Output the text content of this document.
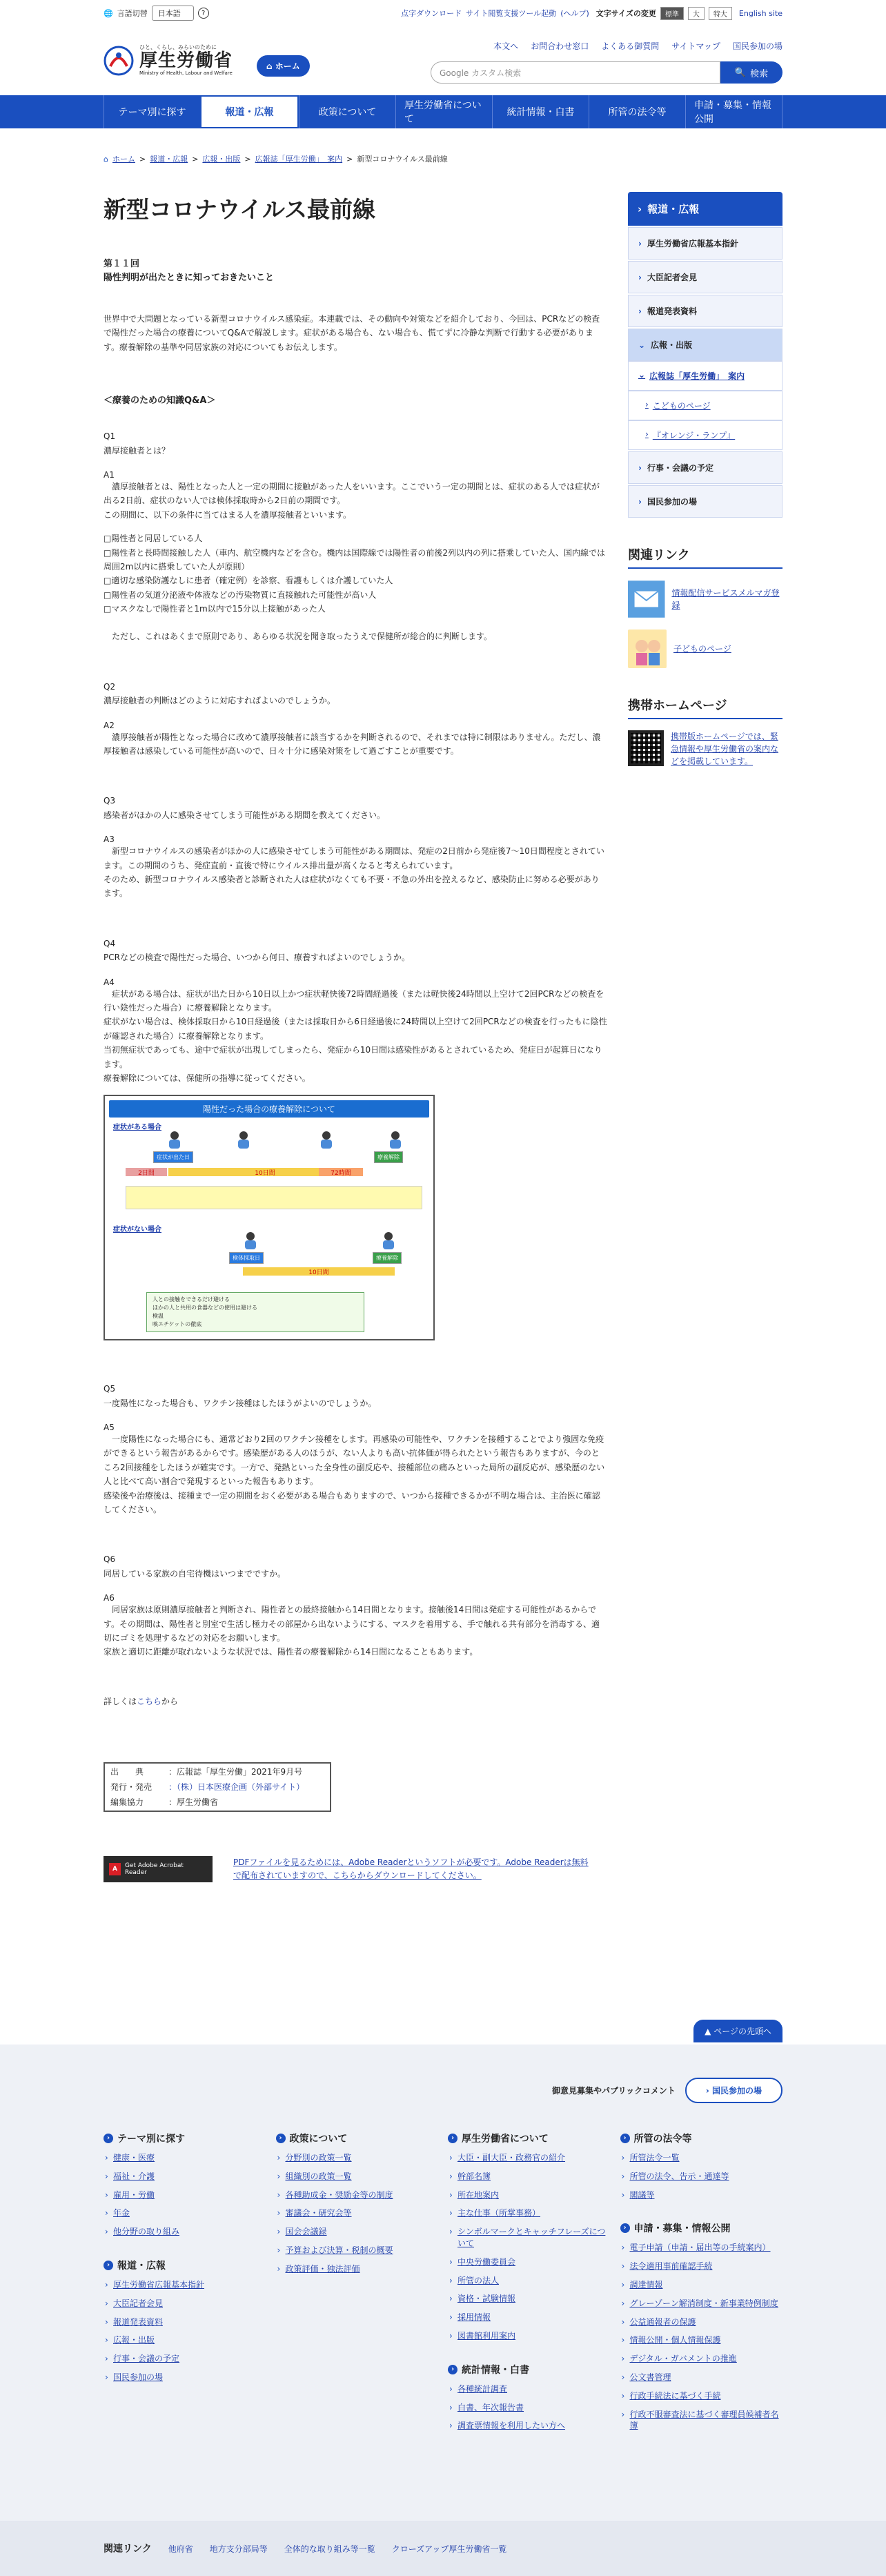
🌐 言語切替	日本語	?	点字ダウンロード サイト閲覧支援ツール起動 (ヘルプ) 文字サイズの変更	標準	大	特大	English site
ひと、くらし、みらいのために
厚生労働省
Ministry of Health, Labour and Welfare
⌂ ホーム
本文へ お問合わせ窓口 よくある御質問 サイトマップ 国民参加の場
Google カスタム検索	🔍 検索
テーマ別に探す	報道・広報	政策について
厚生労働省について
統計情報・白書	所管の法令等
申請・募集・情報公開
⌂ ホーム > 報道・広報 > 広報・出版 > 広報誌「厚生労働」　案内 > 新型コロナウイルス最前線
新型コロナウイルス最前線
第１１回
陽性判明が出たときに知っておきたいこと

世界中で大問題となっている新型コロナウイルス感染症。本連載では、その動向や対策などを紹介しており、今回は、PCRなどの検査で陽性だった場合の療養についてQ&Aで解説します。症状がある場合も、ない場合も、慌てずに冷静な判断で行動する必要があります。療養解除の基準や同居家族の対応についてもお伝えします。

＜療養のための知識Q&A＞
Q1
濃厚接触者とは？
A1
濃厚接触者とは、陽性となった人と一定の期間に接触があった人をいいます。ここでいう一定の期間とは、症状のある人では症状が出る2日前、症状のない人では検体採取時から2日前の期間です。
この期間に、以下の条件に当てはまる人を濃厚接触者といいます。
□陽性者と同居している人
□陽性者と長時間接触した人（車内、航空機内などを含む。機内は国際線では陽性者の前後2列以内の列に搭乗していた人、国内線では周囲2m以内に搭乗していた人が原則）
□適切な感染防護なしに患者（確定例）を診察、看護もしくは介護していた人
□陽性者の気道分泌液や体液などの汚染物質に直接触れた可能性が高い人
□マスクなしで陽性者と1m以内で15分以上接触があった人
ただし、これはあくまで原則であり、あらゆる状況を聞き取ったうえで保健所が総合的に判断します。
Q2
濃厚接触者の判断はどのように対応すればよいのでしょうか。
A2
濃厚接触者が陽性となった場合に改めて濃厚接触者に該当するかを判断されるので、それまでは特に制限はありません。ただし、濃厚接触者は感染している可能性が高いので、日々十分に感染対策をして過ごすことが重要です。
Q3
感染者がほかの人に感染させてしまう可能性がある期間を教えてください。
A3
新型コロナウイルスの感染者がほかの人に感染させてしまう可能性がある期間は、発症の2日前から発症後7～10日間程度とされています。この期間のうち、発症直前・直後で特にウイルス排出量が高くなると考えられています。
そのため、新型コロナウイルス感染者と診断された人は症状がなくても不要・不急の外出を控えるなど、感染防止に努める必要があります。
Q4
PCRなどの検査で陽性だった場合、いつから何日、療養すればよいのでしょうか。
A4
症状がある場合は、症状が出た日から10日以上かつ症状軽快後72時間経過後（または軽快後24時間以上空けて2回PCRなどの検査を行い陰性だった場合）に療養解除となります。
症状がない場合は、検体採取日から10日経過後（または採取日から6日経過後に24時間以上空けて2回PCRなどの検査を行ったもに陰性が確認された場合）に療養解除となります。
当初無症状であっても、途中で症状が出現してしまったら、発症から10日間は感染性があるとされているため、発症日が起算日になります。
療養解除については、保健所の指導に従ってください。
陽性だった場合の療養解除について
症状がある場合
症状が出た日	療養解除
2日間	10日間	72時間
症状がない場合
検体採取日	療養解除
10日間
人との接触をできるだけ避ける
ほかの人と共用の食器などの使用は避ける
検温
咳エチケットの徹底
Q5
一度陽性になった場合も、ワクチン接種はしたほうがよいのでしょうか。
A5
一度陽性になった場合にも、通常どおり2回のワクチン接種をします。再感染の可能性や、ワクチンを接種することでより強固な免疫ができるという報告があるからです。感染歴がある人のほうが、ない人よりも高い抗体価が得られたという報告もありますが、今のところ2回接種をしたほうが確実です。一方で、発熱といった全身性の副反応や、接種部位の痛みといった局所の副反応が、感染歴のない人と比べて高い割合で発現するといった報告もあります。
感染後や治療後は、接種まで一定の期間をおく必要がある場合もありますので、いつから接種できるかが不明な場合は、主治医に確認してください。
Q6
同居している家族の自宅待機はいつまでですか。
A6
同居家族は原則濃厚接触者と判断され、陽性者との最終接触から14日間となります。接触後14日間は発症する可能性があるからです。その期間は、陽性者と別室で生活し極力その部屋から出ないようにする、マスクを着用する、手で触れる共有部分を消毒する、適切にゴミを処理するなどの対応をお願いします。
家族と適切に距離が取れないような状況では、陽性者の療養解除から14日間になることもあります。
詳しくはこちらから
出　　典	：広報誌「厚生労働」2021年9月号
発行・発売	：（株）日本医療企画（外部サイト）
編集協力	：厚生労働省
A	Get Adobe Acrobat Reader
PDFファイルを見るためには、Adobe Readerというソフトが必要です。Adobe Readerは無料で配布されていますので、こちらからダウンロードしてください。
› 報道・広報
› 厚生労働省広報基本指針
› 大臣記者会見
› 報道発表資料
⌄ 広報・出版
⌄ 広報誌「厚生労働」　案内
› こどものページ
› 『オレンジ・ランプ』
› 行事・会議の予定
› 国民参加の場
関連リンク
情報配信サービスメルマガ登録
子どものページ
携帯ホームページ
携帯版ホームページでは、緊急情報や厚生労働省の案内などを掲載しています。
▲ ページの先頭へ
御意見募集やパブリックコメント	› 国民参加の場
› テーマ別に探す
› 健康・医療
› 福祉・介護
› 雇用・労働
› 年金
› 他分野の取り組み
› 報道・広報
› 厚生労働省広報基本指針
› 大臣記者会見
› 報道発表資料
› 広報・出版
› 行事・会議の予定
› 国民参加の場
› 政策について
› 分野別の政策一覧
› 組織別の政策一覧
› 各種助成金・奨励金等の制度
› 審議会・研究会等
› 国会会議録
› 予算および決算・税制の概要
› 政策評価・独法評価
› 厚生労働省について
› 大臣・副大臣・政務官の紹介
› 幹部名簿
› 所在地案内
› 主な仕事（所掌事務）
› シンボルマークとキャッチフレーズについて
› 中央労働委員会
› 所管の法人
› 資格・試験情報
› 採用情報
› 図書館利用案内
› 統計情報・白書
› 各種統計調査
› 白書、年次報告書
› 調査票情報を利用したい方へ
› 所管の法令等
› 所管法令一覧
› 所管の法令、告示・通達等
› 閣議等
› 申請・募集・情報公開
› 電子申請（申請・届出等の手続案内）
› 法令適用事前確認手続
› 調達情報
› グレーゾーン解消制度・新事業特例制度
› 公益通報者の保護
› 情報公開・個人情報保護
› デジタル・ガバメントの推進
› 公文書管理
› 行政手続法に基づく手続
› 行政不服審査法に基づく審理員候補者名簿
関連リンク 他府省 地方支分部局等 全体的な取り組み等一覧 クローズアップ厚生労働省一覧
